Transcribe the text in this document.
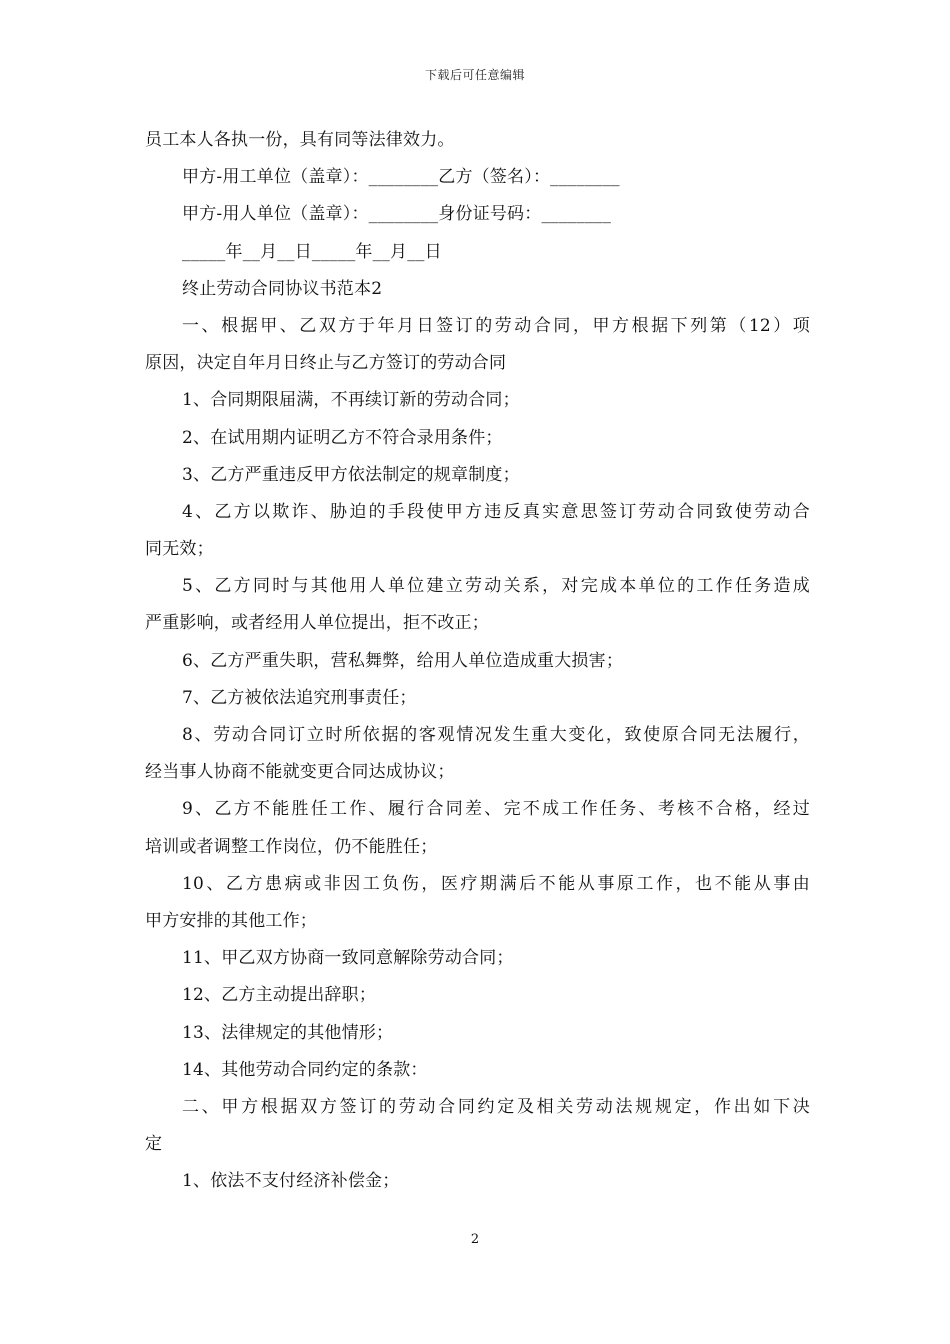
下载后可任意编辑
员工本人各执一份，具有同等法律效力。
甲方-用工单位（盖章）：________乙方（签名）：________
甲方-用人单位（盖章）：________身份证号码：________
_____年__月__日_____年__月__日
终止劳动合同协议书范本2
一、根据甲、乙双方于年月日签订的劳动合同，甲方根据下列第（12）项
原因，决定自年月日终止与乙方签订的劳动合同
1、合同期限届满，不再续订新的劳动合同；
2、在试用期内证明乙方不符合录用条件；
3、乙方严重违反甲方依法制定的规章制度；
4、乙方以欺诈、胁迫的手段使甲方违反真实意思签订劳动合同致使劳动合
同无效；
5、乙方同时与其他用人单位建立劳动关系，对完成本单位的工作任务造成
严重影响，或者经用人单位提出，拒不改正；
6、乙方严重失职，营私舞弊，给用人单位造成重大损害；
7、乙方被依法追究刑事责任；
8、劳动合同订立时所依据的客观情况发生重大变化，致使原合同无法履行，
经当事人协商不能就变更合同达成协议；
9、乙方不能胜任工作、履行合同差、完不成工作任务、考核不合格，经过
培训或者调整工作岗位，仍不能胜任；
10、乙方患病或非因工负伤，医疗期满后不能从事原工作，也不能从事由
甲方安排的其他工作；
11、甲乙双方协商一致同意解除劳动合同；
12、乙方主动提出辞职；
13、法律规定的其他情形；
14、其他劳动合同约定的条款：
二、甲方根据双方签订的劳动合同约定及相关劳动法规规定，作出如下决
定
1、依法不支付经济补偿金；
2
